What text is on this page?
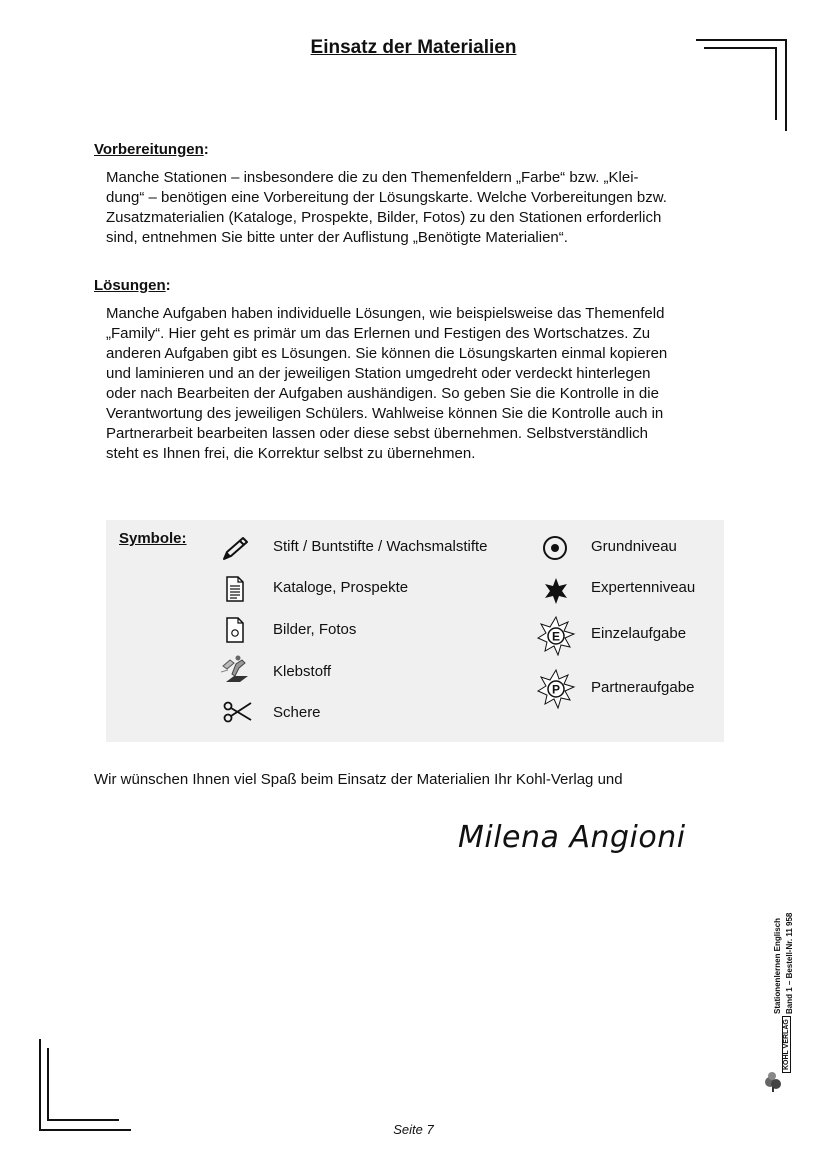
Einsatz der Materialien
Vorbereitungen:
Manche Stationen – insbesondere die zu den Themenfeldern „Farbe“ bzw. „Klei-
dung“ – benötigen eine Vorbereitung der Lösungskarte. Welche Vorbereitungen bzw.
Zusatzmaterialien (Kataloge, Prospekte, Bilder, Fotos) zu den Stationen erforderlich
sind, entnehmen Sie bitte unter der Auflistung „Benötigte Materialien“.
Lösungen:
Manche Aufgaben haben individuelle Lösungen, wie beispielsweise das Themenfeld
„Family“. Hier geht es primär um das Erlernen und Festigen des Wortschatzes. Zu
anderen Aufgaben gibt es Lösungen. Sie können die Lösungskarten einmal kopieren
und laminieren und an der jeweiligen Station umgedreht oder verdeckt hinterlegen
oder nach Bearbeiten der Aufgaben aushändigen. So geben Sie die Kontrolle in die
Verantwortung des jeweiligen Schülers. Wahlweise können Sie die Kontrolle auch in
Partnerarbeit bearbeiten lassen oder diese sebst übernehmen. Selbstverständlich
steht es Ihnen frei, die Korrektur selbst zu übernehmen.
Symbole:	Stift / Buntstifte / Wachsmalstifte
Kataloge, Prospekte
Bilder, Fotos
Klebstoff
Schere
Grundniveau
Expertenniveau
E Einzelaufgabe
P Partneraufgabe
Wir wünschen Ihnen viel Spaß beim Einsatz der Materialien Ihr Kohl-Verlag und
Milena Angioni
Stationenlernen Englisch Band 1 – Bestell-Nr. 11 958
KOHL VERLAG
Seite 7
